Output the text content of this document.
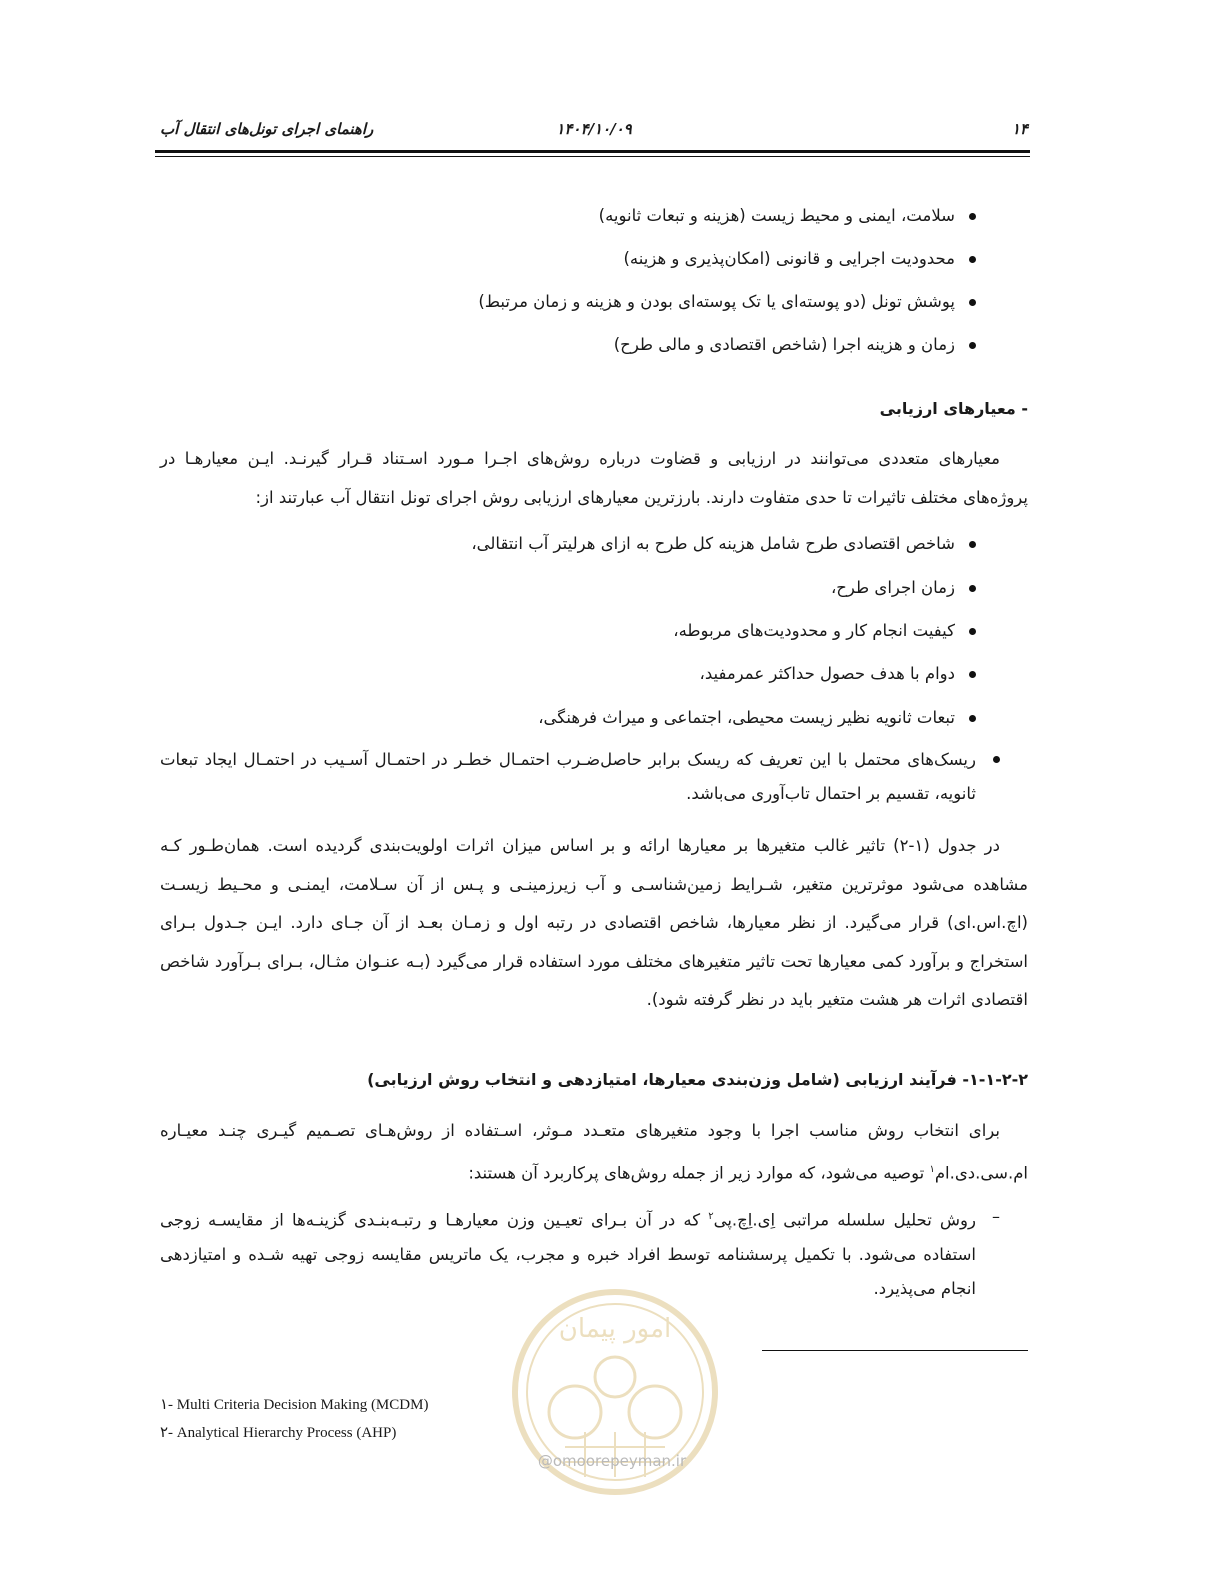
۱۴
۱۴۰۴/۱۰/۰۹
راهنمای اجرای تونل‌های انتقال آب
سلامت، ایمنی و محیط زیست (هزینه و تبعات ثانویه)
محدودیت اجرایی و قانونی (امکان‌پذیری و هزینه)
پوشش تونل (دو پوسته‌ای یا تک پوسته‌ای بودن و هزینه و زمان مرتبط)
زمان و هزینه اجرا (شاخص اقتصادی و مالی طرح)
- معیارهای ارزیابی
معیارهای متعددی می‌توانند در ارزیابی و قضاوت درباره روش‌های اجـرا مـورد اسـتناد قـرار گیرنـد. ایـن معیارهـا در پروژه‌های مختلف تاثیرات تا حدی متفاوت دارند. بارزترین معیارهای ارزیابی روش اجرای تونل انتقال آب عبارتند از:
شاخص اقتصادی طرح شامل هزینه کل طرح به ازای هرلیتر آب انتقالی،
زمان اجرای طرح،
کیفیت انجام کار و محدودیت‌های مربوطه،
دوام با هدف حصول حداکثر عمرمفید،
تبعات ثانویه نظیر زیست محیطی، اجتماعی و میراث فرهنگی،
ریسک‌های محتمل با این تعریف که ریسک برابر حاصل‌ضـرب احتمـال خطـر در احتمـال آسـیب در احتمـال ایجاد تبعات ثانویه، تقسیم بر احتمال تاب‌آوری می‌باشد.
در جدول (۱-۲) تاثیر غالب متغیرها بر معیارها ارائه و بر اساس میزان اثرات اولویت‌بندی گردیده است. همان‌طـور کـه مشاهده می‌شود موثرترین متغیر، شـرایط زمین‌شناسـی و آب زیرزمینـی و پـس از آن سـلامت، ایمنـی و محـیط زیسـت (اچ.اس.ای) قرار می‌گیرد. از نظر معیارها، شاخص اقتصادی در رتبه اول و زمـان بعـد از آن جـای دارد. ایـن جـدول بـرای استخراج و برآورد کمی معیارها تحت تاثیر متغیرهای مختلف مورد استفاده قرار می‌گیرد (بـه عنـوان مثـال، بـرای بـرآورد شاخص اقتصادی اثرات هر هشت متغیر باید در نظر گرفته شود).
۱-۱-۲-۲- فرآیند ارزیابی (شامل وزن‌بندی معیارها، امتیازدهی و انتخاب روش ارزیابی)
برای انتخاب روش مناسب اجرا با وجود متغیرهای متعـدد مـوثر، اسـتفاده از روش‌هـای تصـمیم گیـری چنـد معیـاره ام.سی.دی.ام$^۱$ توصیه می‌شود، که موارد زیر از جمله روش‌های پرکاربرد آن هستند:
–
روش تحلیل سلسله مراتبی اِی.اِچ.پی$^۲$ که در آن بـرای تعیـین وزن معیارهـا و رتبـه‌بنـدی گزینـه‌ها از مقایسـه زوجی استفاده می‌شود. با تکمیل پرسشنامه توسط افراد خبره و مجرب، یک ماتریس مقایسه زوجی تهیه شـده و امتیازدهی انجام می‌پذیرد.
۱- Multi Criteria Decision Making (MCDM)
۲- Analytical Hierarchy Process (AHP)
امور پیمان
@omoorepeyman.ir
